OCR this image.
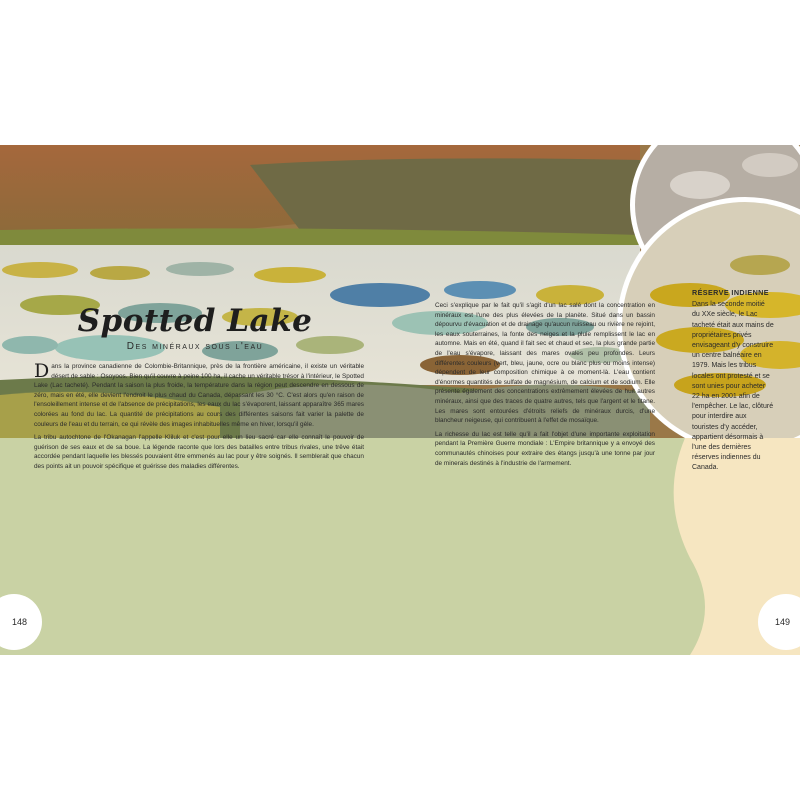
Spotted Lake
Des minéraux sous l'eau

Dans la province canadienne de Colombie-Britannique, près de la frontière américaine, il existe un véritable désert de sable : Osoyoos. Bien qu'il couvre à peine 100 ha, il cache un véritable trésor à l'intérieur, le Spotted Lake (Lac tacheté). Pendant la saison la plus froide, la température dans la région peut descendre en dessous de zéro, mais en été, elle devient l'endroit le plus chaud du Canada, dépassant les 30 °C. C'est alors qu'en raison de l'ensoleillement intense et de l'absence de précipitations, les eaux du lac s'évaporent, laissant apparaître 365 mares colorées au fond du lac. La quantité de précipitations au cours des différentes saisons fait varier la palette de couleurs de l'eau et du terrain, ce qui révèle des images inhabituelles même en hiver, lorsqu'il gèle.

La tribu autochtone de l'Okanagan l'appelle Kliluk et c'est pour elle un lieu sacré car elle connaît le pouvoir de guérison de ses eaux et de sa boue. La légende raconte que lors des batailles entre tribus rivales, une trêve était accordée pendant laquelle les blessés pouvaient être emmenés au lac pour y être soignés. Il semblerait que chacun des points ait un pouvoir spécifique et guérisse des maladies différentes.

Ceci s'explique par le fait qu'il s'agit d'un lac salé dont la concentration en minéraux est l'une des plus élevées de la planète. Situé dans un bassin dépourvu d'évacuation et de drainage qu'aucun ruisseau ou rivière ne rejoint, les eaux souterraines, la fonte des neiges et la pluie remplissent le lac en automne. Mais en été, quand il fait sec et chaud et sec, la plus grande partie de l'eau s'évapore, laissant des mares ovales peu profondes. Leurs différentes couleurs (vert, bleu, jaune, ocre ou blanc plus ou moins intense) dépendent de leur composition chimique à ce moment-là. L'eau contient d'énormes quantités de sulfate de magnésium, de calcium et de sodium. Elle présente également des concentrations extrêmement élevées de huit autres minéraux, ainsi que des traces de quatre autres, tels que l'argent et le titane. Les mares sont entourées d'étroits reliefs de minéraux durcis, d'une blancheur neigeuse, qui contribuent à l'effet de mosaïque.

La richesse du lac est telle qu'il a fait l'objet d'une importante exploitation pendant la Première Guerre mondiale : L'Empire britannique y a envoyé des communautés chinoises pour extraire des étangs jusqu'à une tonne par jour de minerais destinés à l'industrie de l'armement.

RÉSERVE INDIENNE
Dans la seconde moitié du XXe siècle, le Lac tacheté était aux mains de propriétaires privés envisageant d'y construire un centre balnéaire en 1979. Mais les tribus locales ont protesté et se sont unies pour acheter 22 ha en 2001 afin de l'empêcher. Le lac, clôturé pour interdire aux touristes d'y accéder, appartient désormais à l'une des dernières réserves indiennes du Canada.
148	149
